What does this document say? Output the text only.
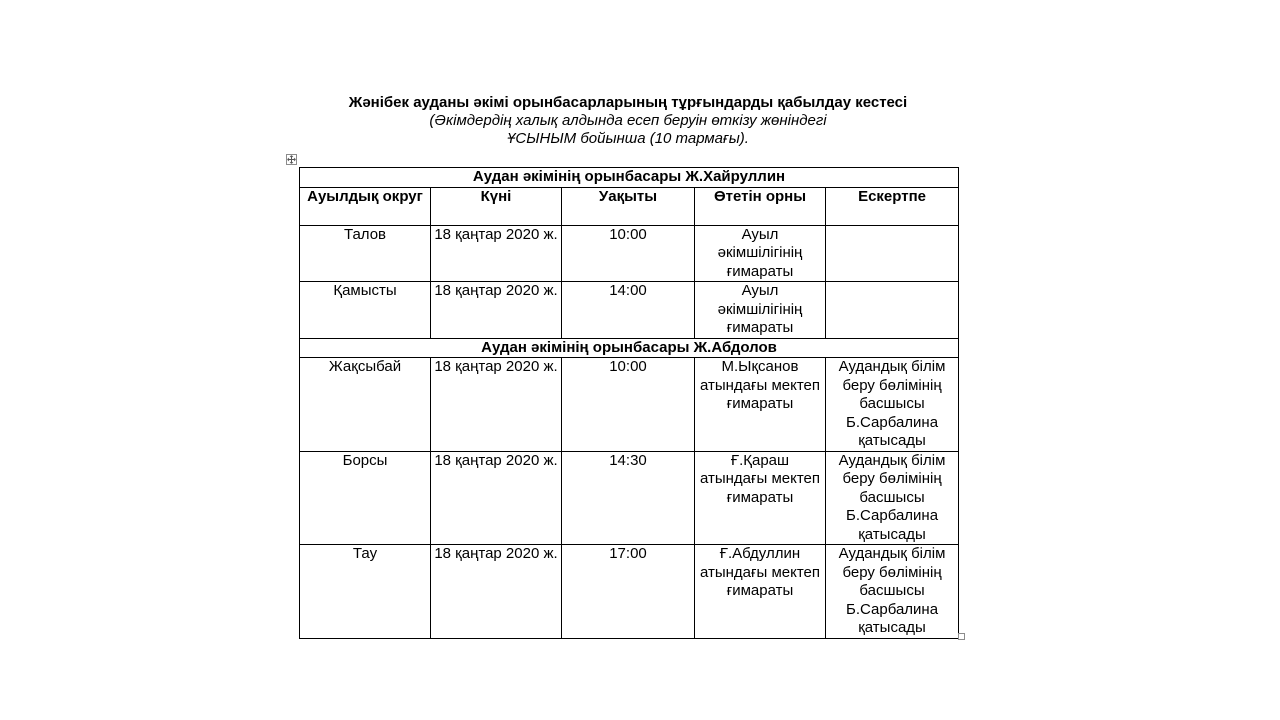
Жәнібек ауданы әкімі орынбасарларының тұрғындарды қабылдау кестесі
(Әкімдердің халық алдында есеп беруін өткізу жөніндегі
ҰСЫНЫМ бойынша (10 тармағы).
Аудан әкімінің орынбасары Ж.Хайруллин				
Ауылдық округ	Күні	Уақыты	Өтетін орны	Ескертпе
Талов	18 қаңтар 2020 ж.	10:00	Ауыл әкімшілігінің ғимараты	
Қамысты	18 қаңтар 2020 ж.	14:00	Ауыл әкімшілігінің ғимараты	
Аудан әкімінің орынбасары Ж.Абдолов				
Жақсыбай	18 қаңтар 2020 ж.	10:00	М.Ықсанов атындағы мектеп ғимараты	Аудандық білім беру бөлімінің басшысы Б.Сарбалина қатысады
Борсы	18 қаңтар 2020 ж.	14:30	Ғ.Қараш атындағы мектеп ғимараты	Аудандық білім беру бөлімінің басшысы Б.Сарбалина қатысады
Тау	18 қаңтар 2020 ж.	17:00	Ғ.Абдуллин атындағы мектеп ғимараты	Аудандық білім беру бөлімінің басшысы Б.Сарбалина қатысады
